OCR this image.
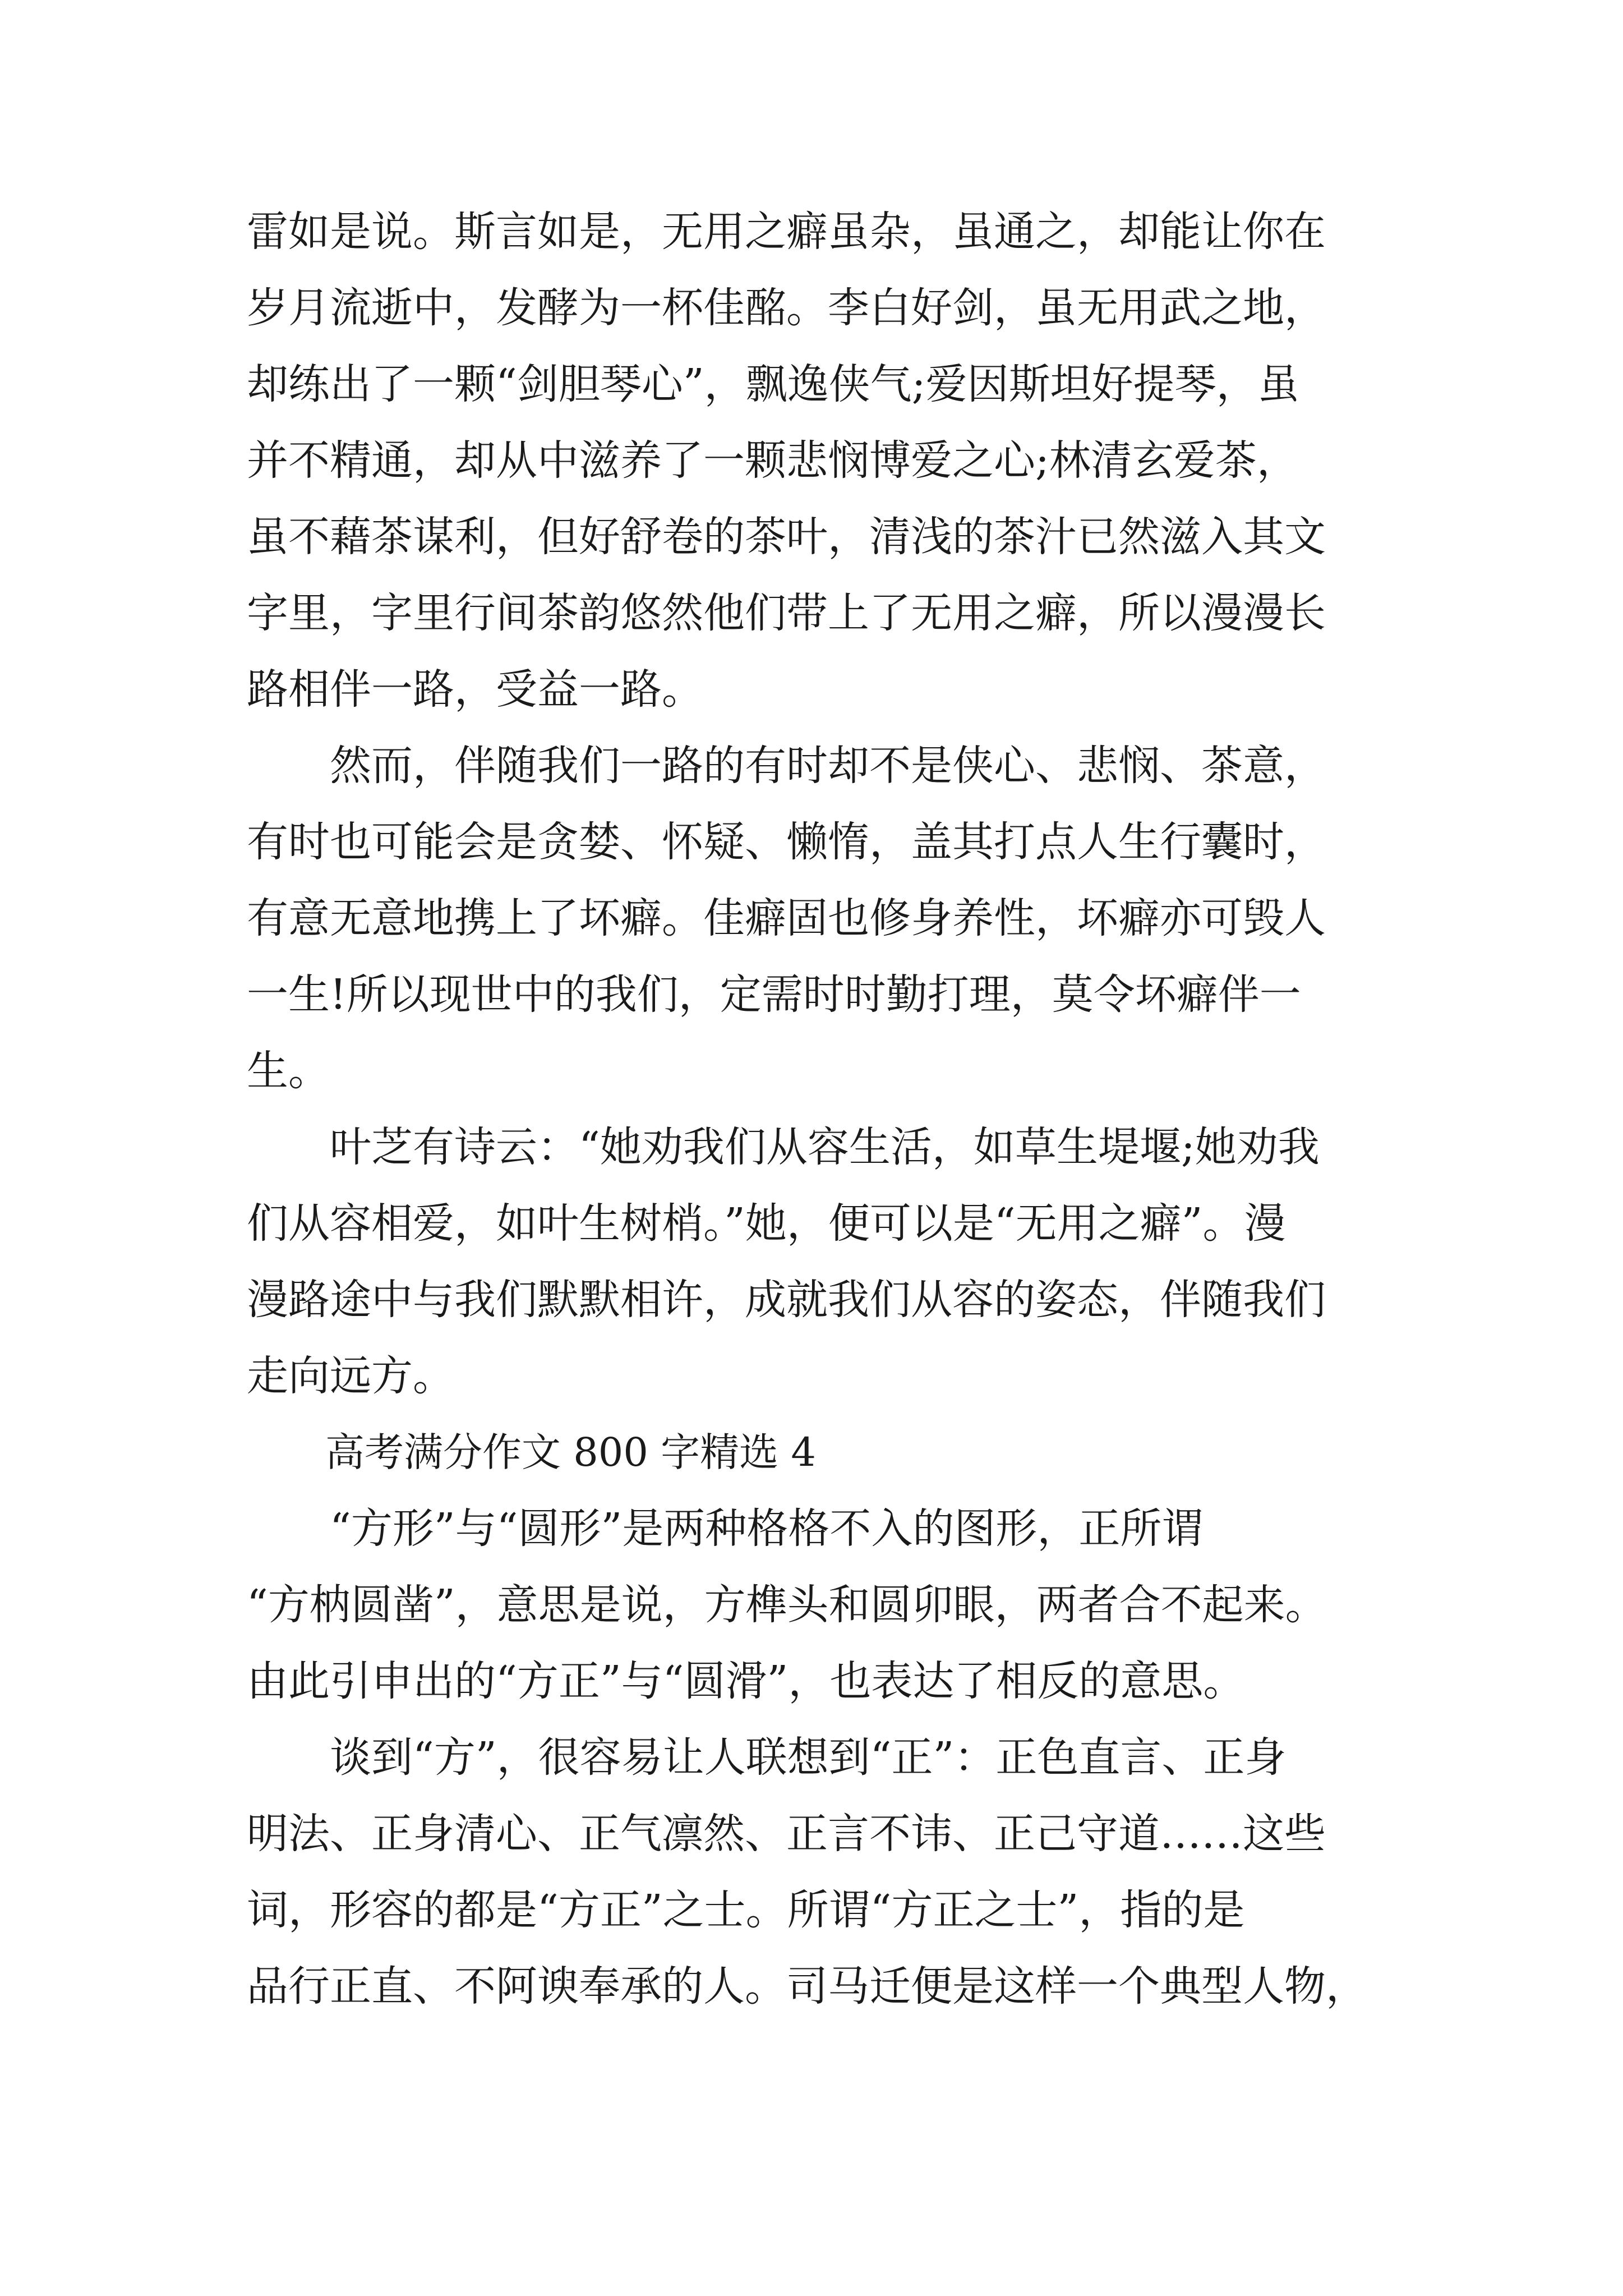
雷如是说。斯言如是，无用之癖虽杂，虽通之，却能让你在
岁月流逝中，发酵为一杯佳酩。李白好剑，虽无用武之地，
却练出了一颗“剑胆琴心”，飘逸侠气;爱因斯坦好提琴，虽
并不精通，却从中滋养了一颗悲悯博爱之心;林清玄爱茶，
虽不藉茶谋利，但好舒卷的茶叶，清浅的茶汁已然滋入其文
字里，字里行间茶韵悠然他们带上了无用之癖，所以漫漫长
路相伴一路，受益一路。
　　然而，伴随我们一路的有时却不是侠心、悲悯、茶意，
有时也可能会是贪婪、怀疑、懒惰，盖其打点人生行囊时，
有意无意地携上了坏癖。佳癖固也修身养性，坏癖亦可毁人
一生!所以现世中的我们，定需时时勤打理，莫令坏癖伴一
生。
　　叶芝有诗云：“她劝我们从容生活，如草生堤堰;她劝我
们从容相爱，如叶生树梢。”她，便可以是“无用之癖”。漫
漫路途中与我们默默相许，成就我们从容的姿态，伴随我们
走向远方。
　　高考满分作文 800 字精选 4
　　“方形”与“圆形”是两种格格不入的图形，正所谓
“方枘圆凿”，意思是说，方榫头和圆卯眼，两者合不起来。
由此引申出的“方正”与“圆滑”，也表达了相反的意思。
　　谈到“方”，很容易让人联想到“正”：正色直言、正身
明法、正身清心、正气凛然、正言不讳、正己守道……这些
词，形容的都是“方正”之士。所谓“方正之士”，指的是
品行正直、不阿谀奉承的人。司马迁便是这样一个典型人物，
